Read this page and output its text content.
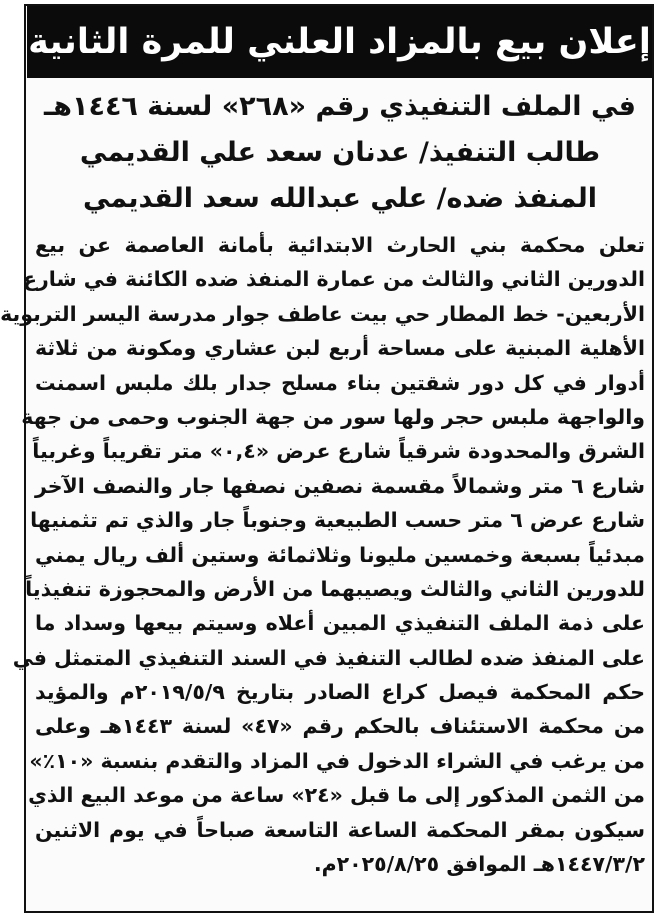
إعلان بيع بالمزاد العلني للمرة الثانية
في الملف التنفيذي رقم «٢٦٨» لسنة ١٤٤٦هـ
طالب التنفيذ/ عدنان سعد علي القديمي
المنفذ ضده/ علي عبدالله سعد القديمي
تعلن محكمة بني الحارث الابتدائية بأمانة العاصمة عن بيع
الدورين الثاني والثالث من عمارة المنفذ ضده الكائنة في شارع
الأربعين- خط المطار حي بيت عاطف جوار مدرسة اليسر التربوية
الأهلية المبنية على مساحة أربع لبن عشاري ومكونة من ثلاثة
أدوار في كل دور شقتين بناء مسلح جدار بلك ملبس اسمنت
والواجهة ملبس حجر ولها سور من جهة الجنوب وحمى من جهة
الشرق والمحدودة شرقياً شارع عرض «٠,٤» متر تقريباً وغربياً
شارع ٦ متر وشمالاً مقسمة نصفين نصفها جار والنصف الآخر
شارع عرض ٦ متر حسب الطبيعية وجنوباً جار والذي تم تثمنيها
مبدئياً بسبعة وخمسين مليونا وثلاثمائة وستين ألف ريال يمني
للدورين الثاني والثالث ويصيبهما من الأرض والمحجوزة تنفيذياً
على ذمة الملف التنفيذي المبين أعلاه وسيتم بيعها وسداد ما
على المنفذ ضده لطالب التنفيذ في السند التنفيذي المتمثل في
حكم المحكمة فيصل كراع الصادر بتاريخ ٢٠١٩/٥/٩م والمؤيد
من محكمة الاستئناف بالحكم رقم «٤٧» لسنة ١٤٤٣هـ وعلى
من يرغب في الشراء الدخول في المزاد والتقدم بنسبة «١٠٪»
من الثمن المذكور إلى ما قبل «٢٤» ساعة من موعد البيع الذي
سيكون بمقر المحكمة الساعة التاسعة صباحاً في يوم الاثنين
١٤٤٧/٣/٢هـ الموافق ٢٠٢٥/٨/٢٥م.
